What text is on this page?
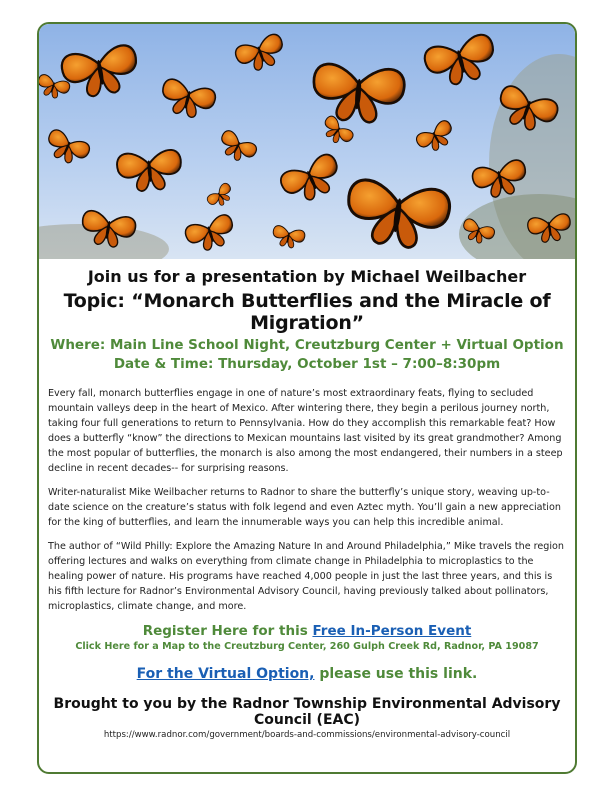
Join us for a presentation by Michael Weilbacher
Topic: “Monarch Butterflies and the Miracle of Migration”
Where: Main Line School Night, Creutzburg Center + Virtual Option
Date & Time: Thursday, October 1st – 7:00–8:30pm

Every fall, monarch butterflies engage in one of nature’s most extraordinary feats, flying to secluded mountain valleys deep in the heart of Mexico. After wintering there, they begin a perilous journey north, taking four full generations to return to Pennsylvania. How do they accomplish this remarkable feat? How does a butterfly “know” the directions to Mexican mountains last visited by its great grandmother? Among the most popular of butterflies, the monarch is also among the most endangered, their numbers in a steep decline in recent decades-- for surprising reasons.

Writer-naturalist Mike Weilbacher returns to Radnor to share the butterfly’s unique story, weaving up-to-date science on the creature’s status with folk legend and even Aztec myth. You’ll gain a new appreciation for the king of butterflies, and learn the innumerable ways you can help this incredible animal.

The author of “Wild Philly: Explore the Amazing Nature In and Around Philadelphia,” Mike travels the region offering lectures and walks on everything from climate change in Philadelphia to microplastics to the healing power of nature. His programs have reached 4,000 people in just the last three years, and this is his fifth lecture for Radnor’s Environmental Advisory Council, having previously talked about pollinators, microplastics, climate change, and more.

Register Here for this Free In-Person Event
Click Here for a Map to the Creutzburg Center, 260 Gulph Creek Rd, Radnor, PA 19087
For the Virtual Option, please use this link.
Brought to you by the Radnor Township Environmental Advisory Council (EAC)
https://www.radnor.com/government/boards-and-commissions/environmental-advisory-council
